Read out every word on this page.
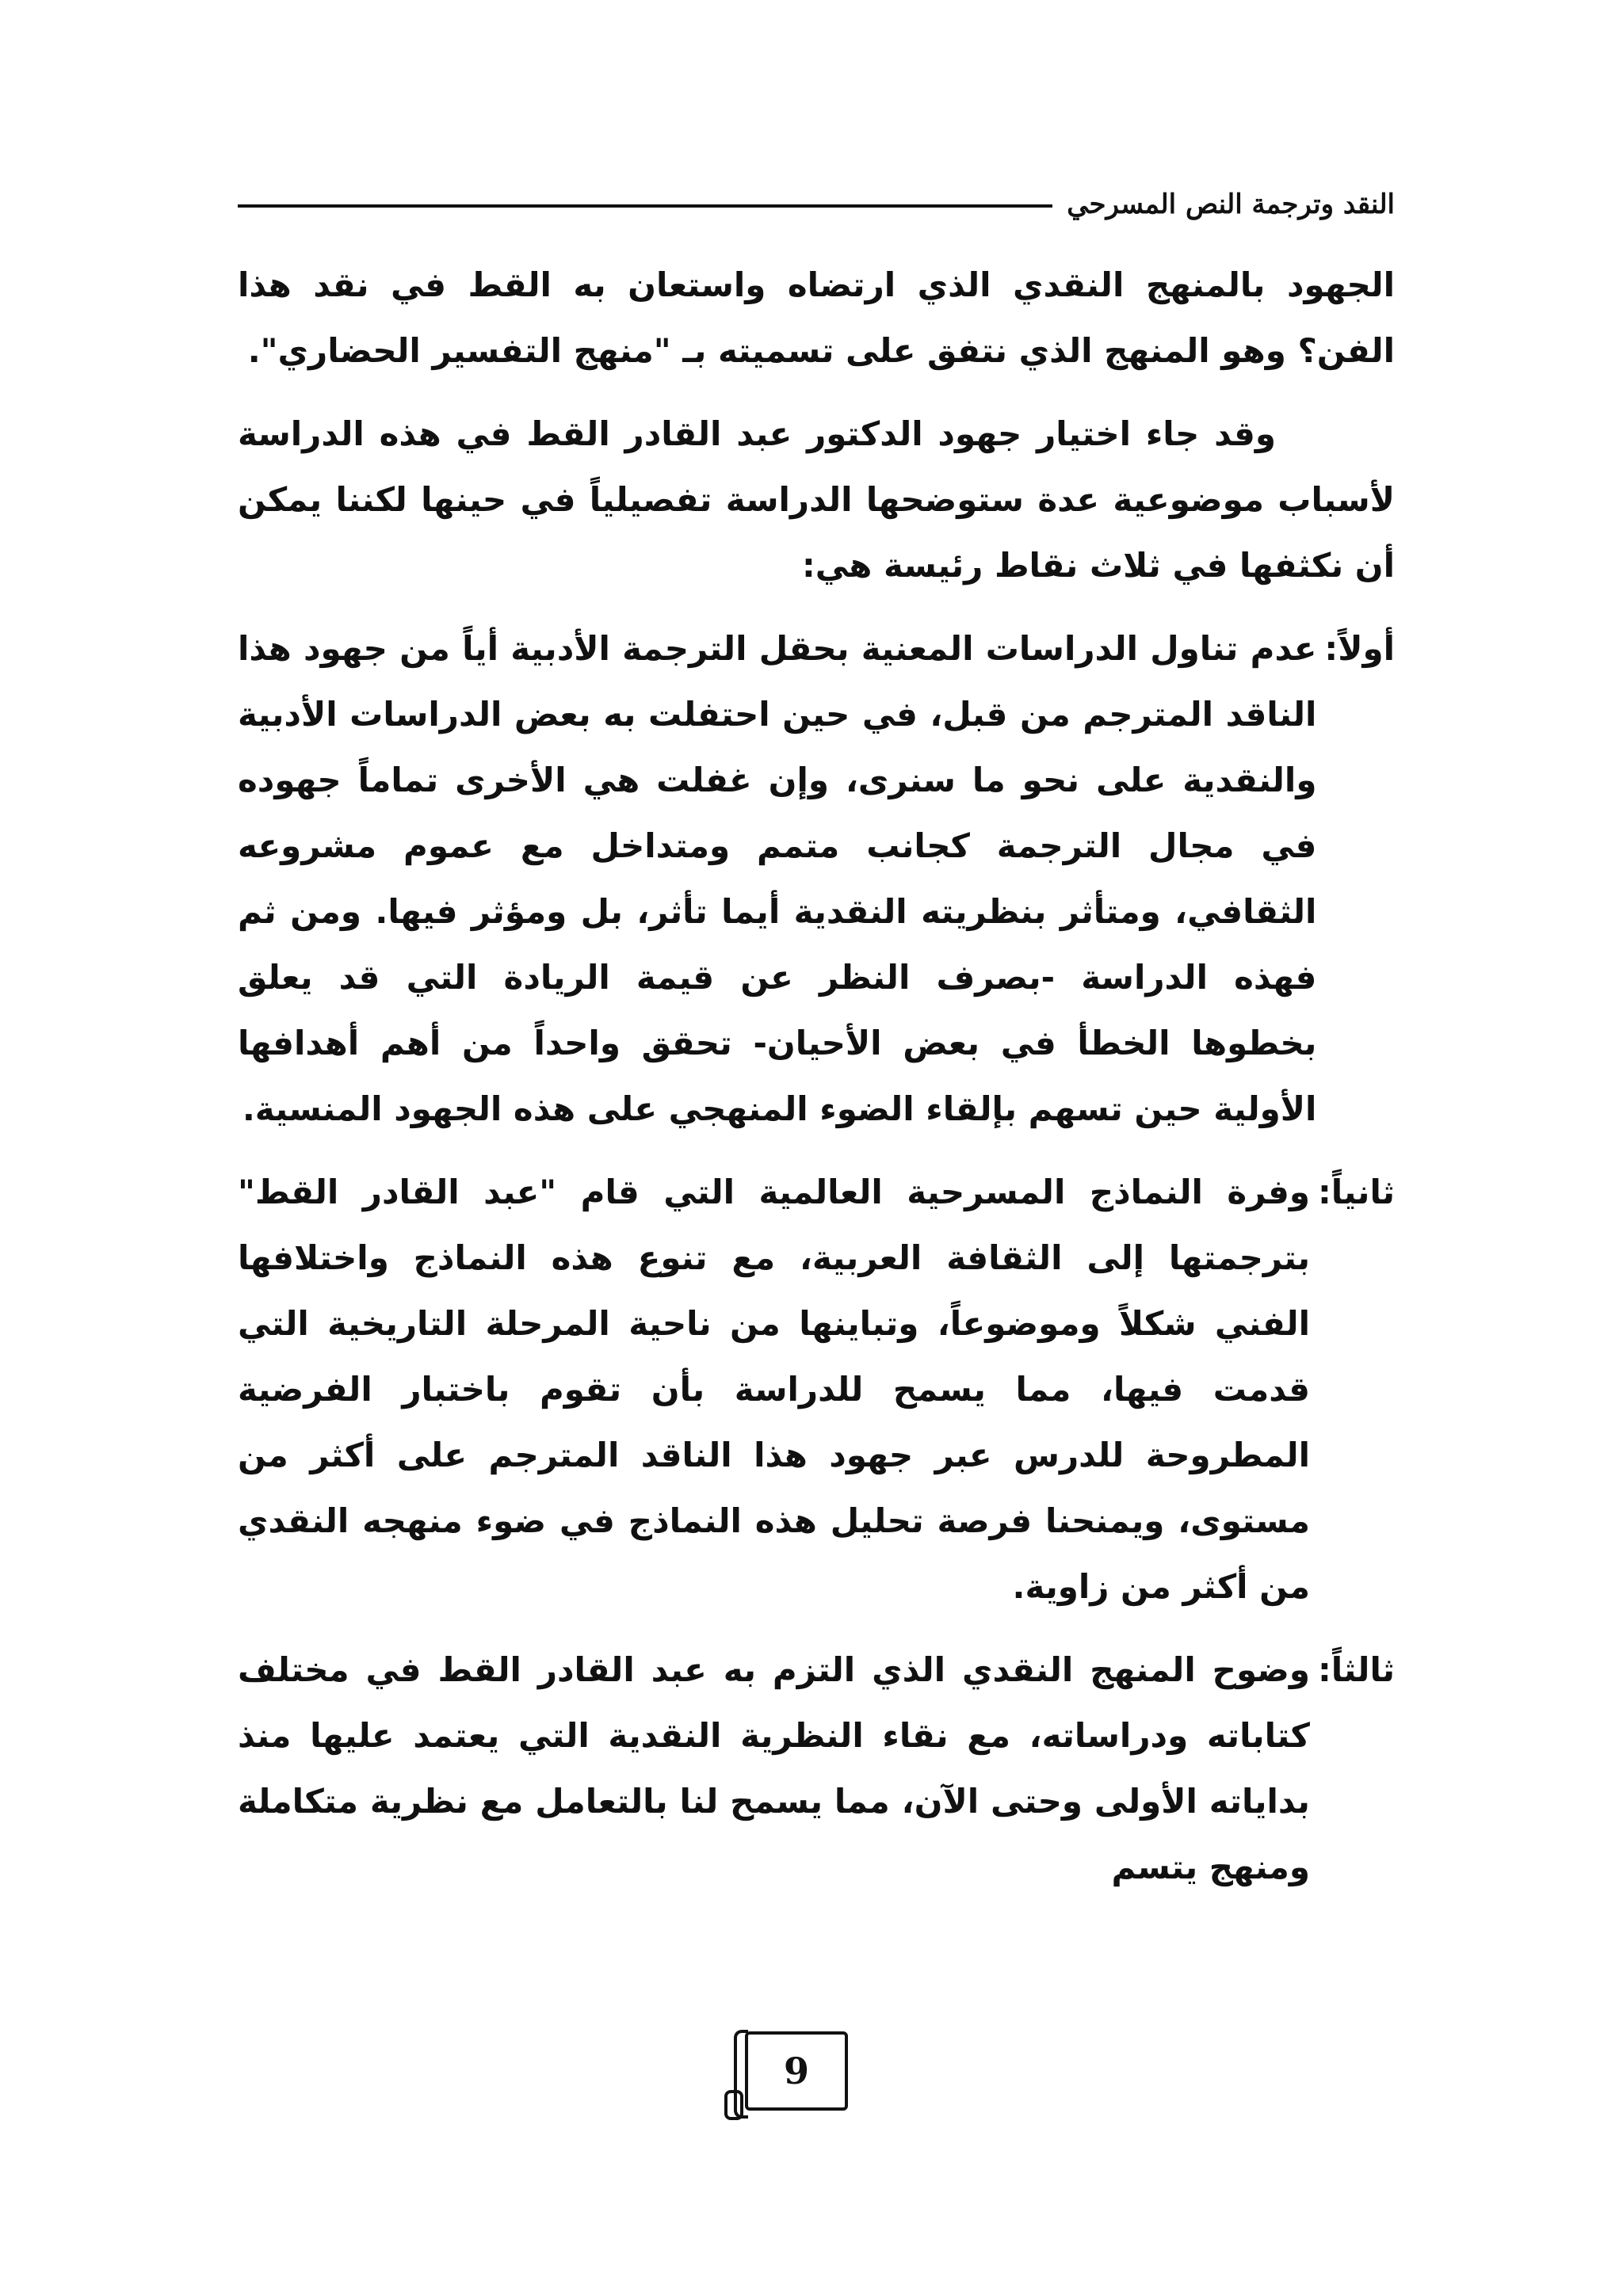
النقد وترجمة النص المسرحي

الجهود بالمنهج النقدي الذي ارتضاه واستعان به القط في نقد هذا الفن؟ وهو المنهج الذي نتفق على تسميته بـ "منهج التفسير الحضاري".

وقد جاء اختيار جهود الدكتور عبد القادر القط في هذه الدراسة لأسباب موضوعية عدة ستوضحها الدراسة تفصيلياً في حينها لكننا يمكن أن نكثفها في ثلاث نقاط رئيسة هي:

أولاً:

عدم تناول الدراسات المعنية بحقل الترجمة الأدبية أياً من جهود هذا الناقد المترجم من قبل، في حين احتفلت به بعض الدراسات الأدبية والنقدية على نحو ما سنرى، وإن غفلت هي الأخرى تماماً جهوده في مجال الترجمة كجانب متمم ومتداخل مع عموم مشروعه الثقافي، ومتأثر بنظريته النقدية أيما تأثر، بل ومؤثر فيها. ومن ثم فهذه الدراسة -بصرف النظر عن قيمة الريادة التي قد يعلق بخطوها الخطأ في بعض الأحيان- تحقق واحداً من أهم أهدافها الأولية حين تسهم بإلقاء الضوء المنهجي على هذه الجهود المنسية.

ثانياً:

وفرة النماذج المسرحية العالمية التي قام "عبد القادر القط" بترجمتها إلى الثقافة العربية، مع تنوع هذه النماذج واختلافها الفني شكلاً وموضوعاً، وتباينها من ناحية المرحلة التاريخية التي قدمت فيها، مما يسمح للدراسة بأن تقوم باختبار الفرضية المطروحة للدرس عبر جهود هذا الناقد المترجم على أكثر من مستوى، ويمنحنا فرصة تحليل هذه النماذج في ضوء منهجه النقدي من أكثر من زاوية.

ثالثاً:

وضوح المنهج النقدي الذي التزم به عبد القادر القط في مختلف كتاباته ودراساته، مع نقاء النظرية النقدية التي يعتمد عليها منذ بداياته الأولى وحتى الآن، مما يسمح لنا بالتعامل مع نظرية متكاملة ومنهج يتسم

9
